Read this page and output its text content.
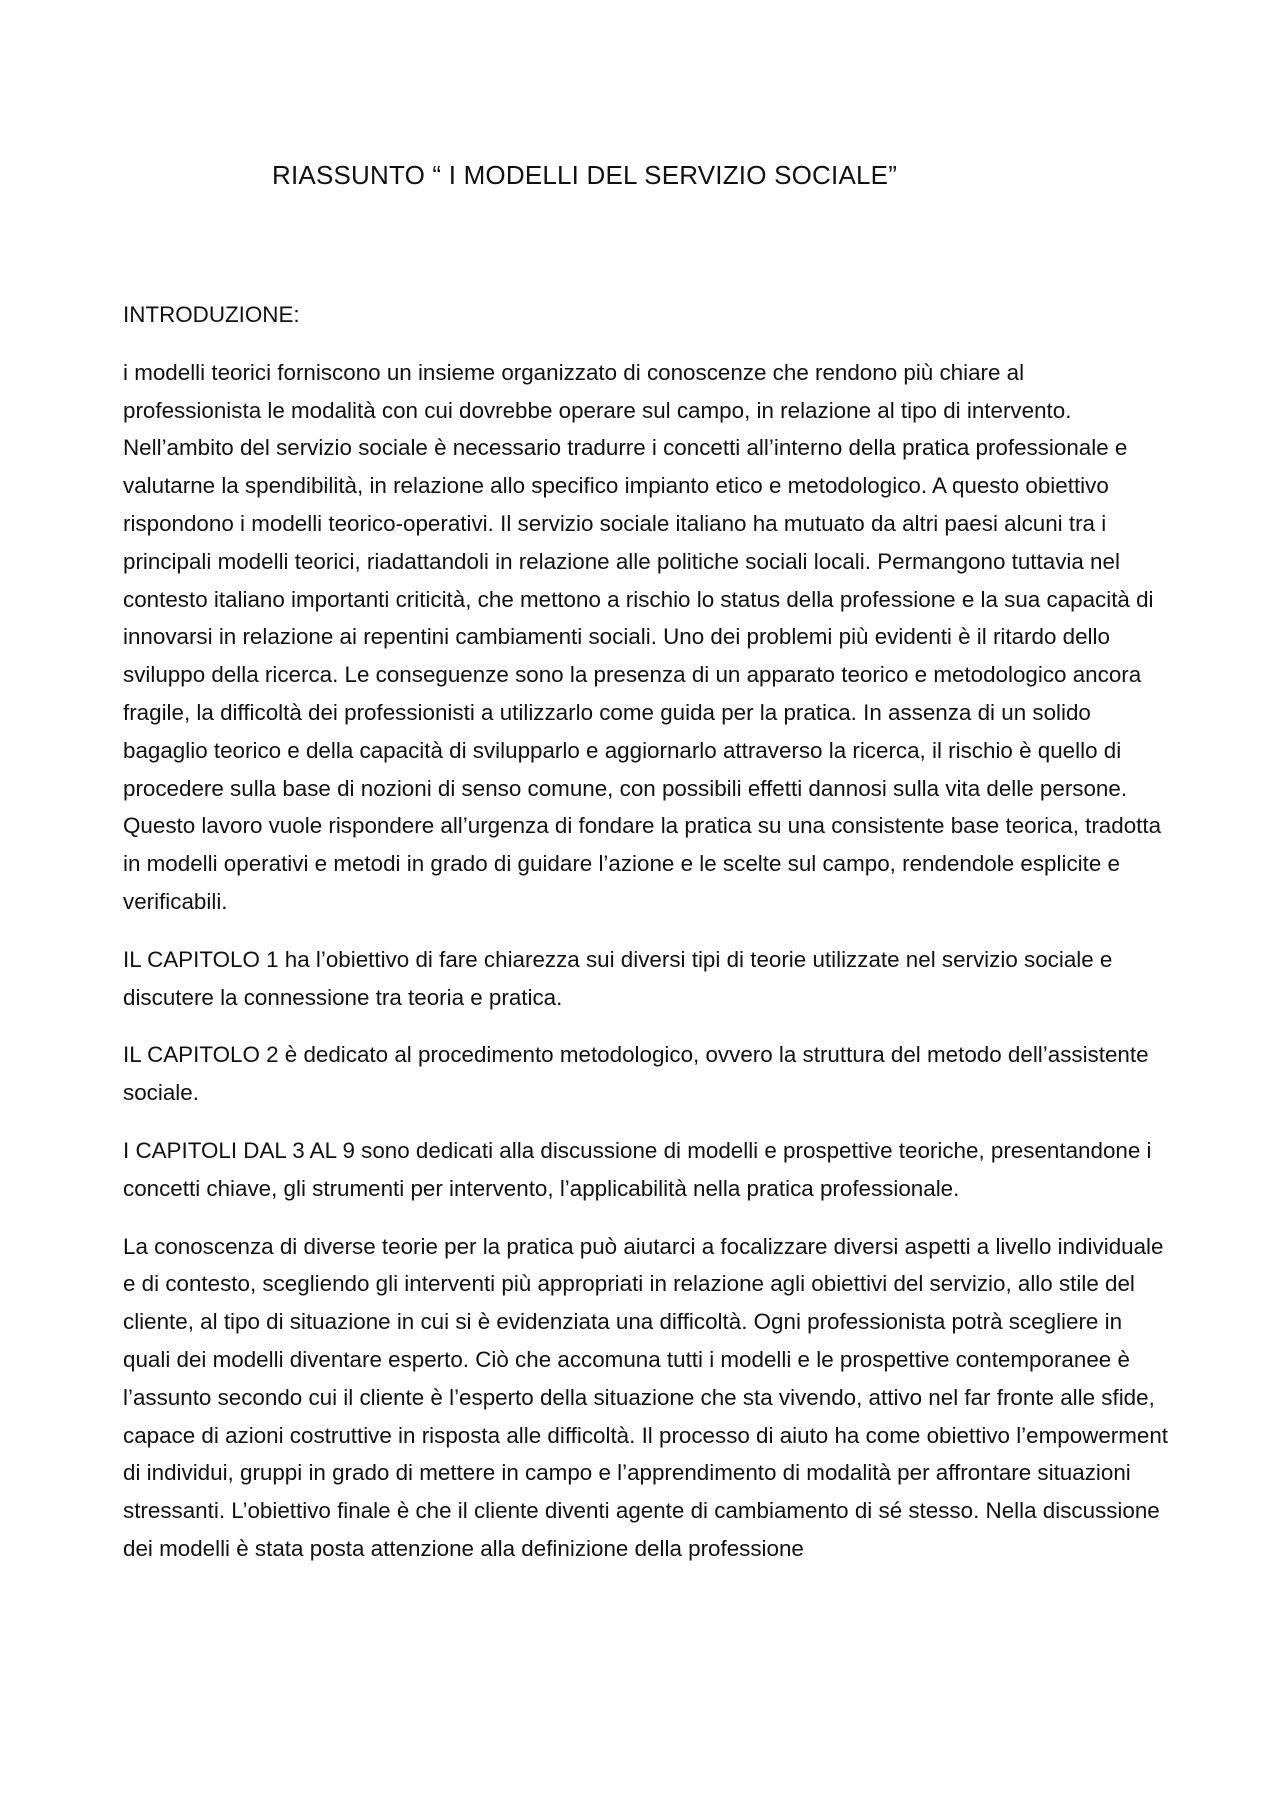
RIASSUNTO “ I MODELLI DEL SERVIZIO SOCIALE”

INTRODUZIONE:

i modelli teorici forniscono un insieme organizzato di conoscenze che rendono più chiare al professionista le modalità con cui dovrebbe operare sul campo, in relazione al tipo di intervento. Nell’ambito del servizio sociale è necessario tradurre i concetti all’interno della pratica professionale e valutarne la spendibilità, in relazione allo specifico impianto etico e metodologico. A questo obiettivo rispondono i modelli teorico-operativi. Il servizio sociale italiano ha mutuato da altri paesi alcuni tra i principali modelli teorici, riadattandoli in relazione alle politiche sociali locali. Permangono tuttavia nel contesto italiano importanti criticità, che mettono a rischio lo status della professione e la sua capacità di innovarsi in relazione ai repentini cambiamenti sociali. Uno dei problemi più evidenti è il ritardo dello sviluppo della ricerca. Le conseguenze sono la presenza di un apparato teorico e metodologico ancora fragile, la difficoltà dei professionisti a utilizzarlo come guida per la pratica. In assenza di un solido bagaglio teorico e della capacità di svilupparlo e aggiornarlo attraverso la ricerca, il rischio è quello di procedere sulla base di nozioni di senso comune, con possibili effetti dannosi sulla vita delle persone. Questo lavoro vuole rispondere all’urgenza di fondare la pratica su una consistente base teorica, tradotta in modelli operativi e metodi in grado di guidare l’azione e le scelte sul campo, rendendole esplicite e verificabili.

IL CAPITOLO 1 ha l’obiettivo di fare chiarezza sui diversi tipi di teorie utilizzate nel servizio sociale e discutere la connessione tra teoria e pratica.

IL CAPITOLO 2 è dedicato al procedimento metodologico, ovvero la struttura del metodo dell’assistente sociale.

I CAPITOLI DAL 3 AL 9 sono dedicati alla discussione di modelli e prospettive teoriche, presentandone i concetti chiave, gli strumenti per intervento, l’applicabilità nella pratica professionale.

La conoscenza di diverse teorie per la pratica può aiutarci a focalizzare diversi aspetti a livello individuale e di contesto, scegliendo gli interventi più appropriati in relazione agli obiettivi del servizio, allo stile del cliente, al tipo di situazione in cui si è evidenziata una difficoltà. Ogni professionista potrà scegliere in quali dei modelli diventare esperto. Ciò che accomuna tutti i modelli e le prospettive contemporanee è l’assunto secondo cui il cliente è l’esperto della situazione che sta vivendo, attivo nel far fronte alle sfide, capace di azioni costruttive in risposta alle difficoltà. Il processo di aiuto ha come obiettivo l’empowerment di individui, gruppi in grado di mettere in campo e l’apprendimento di modalità per affrontare situazioni stressanti. L’obiettivo finale è che il cliente diventi agente di cambiamento di sé stesso. Nella discussione dei modelli è stata posta attenzione alla definizione della professione
